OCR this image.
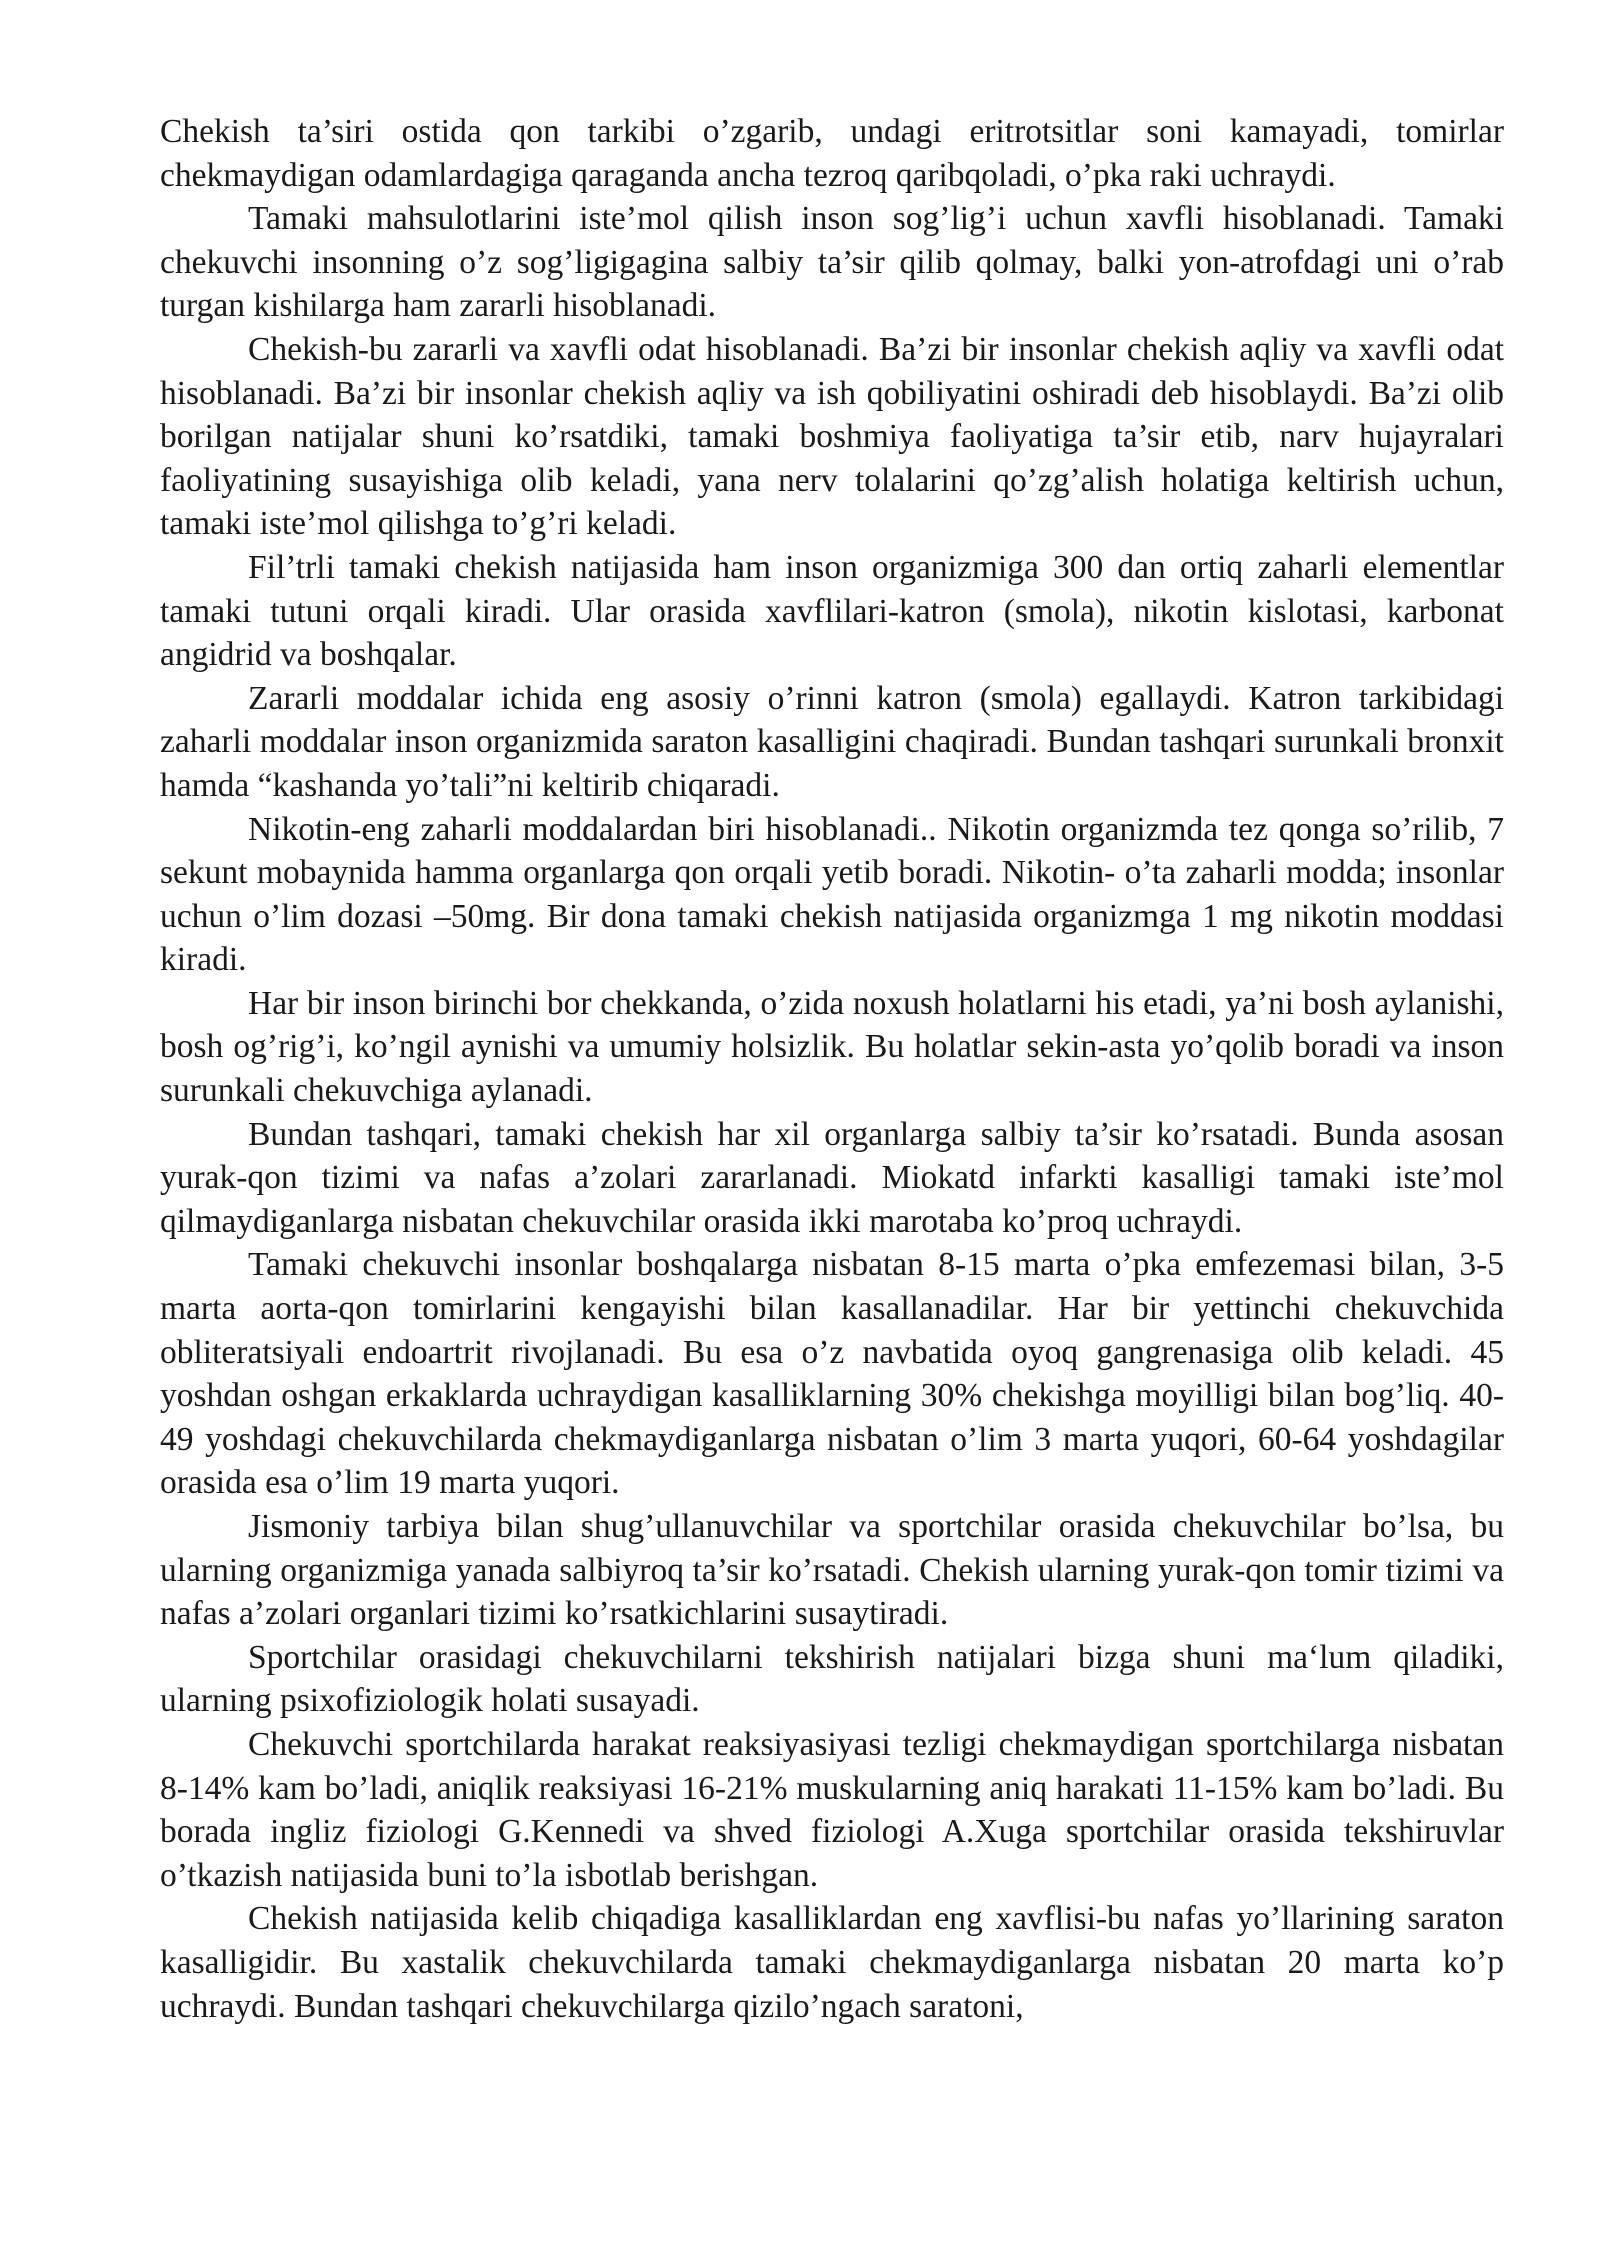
Chekish ta’siri ostida qon tarkibi o’zgarib, undagi eritrotsitlar soni kamayadi, tomirlar chekmaydigan odamlardagiga qaraganda ancha tezroq qaribqoladi, o’pka raki uchraydi.

Tamaki mahsulotlarini iste’mol qilish inson sog’lig’i uchun xavfli hisoblanadi. Tamaki chekuvchi insonning o’z sog’ligigagina salbiy ta’sir qilib qolmay, balki yon-atrofdagi uni o’rab turgan kishilarga ham zararli hisoblanadi.

Chekish-bu zararli va xavfli odat hisoblanadi. Ba’zi bir insonlar chekish aqliy va xavfli odat hisoblanadi. Ba’zi bir insonlar chekish aqliy va ish qobiliyatini oshiradi deb hisoblaydi. Ba’zi olib borilgan natijalar shuni ko’rsatdiki, tamaki boshmiya faoliyatiga ta’sir etib, narv hujayralari faoliyatining susayishiga olib keladi, yana nerv tolalarini qo’zg’alish holatiga keltirish uchun, tamaki iste’mol qilishga to’g’ri keladi.

Fil’trli tamaki chekish natijasida ham inson organizmiga 300 dan ortiq zaharli elementlar tamaki tutuni orqali kiradi. Ular orasida xavflilari-katron (smola), nikotin kislotasi, karbonat angidrid va boshqalar.

Zararli moddalar ichida eng asosiy o’rinni katron (smola) egallaydi. Katron tarkibidagi zaharli moddalar inson organizmida saraton kasalligini chaqiradi. Bundan tashqari surunkali bronxit hamda “kashanda yo’tali”ni keltirib chiqaradi.

Nikotin-eng zaharli moddalardan biri hisoblanadi.. Nikotin organizmda tez qonga so’rilib, 7 sekunt mobaynida hamma organlarga qon orqali yetib boradi. Nikotin- o’ta zaharli modda; insonlar uchun o’lim dozasi –50mg. Bir dona tamaki chekish natijasida organizmga 1 mg nikotin moddasi kiradi.

Har bir inson birinchi bor chekkanda, o’zida noxush holatlarni his etadi, ya’ni bosh aylanishi, bosh og’rig’i, ko’ngil aynishi va umumiy holsizlik. Bu holatlar sekin-asta yo’qolib boradi va inson surunkali chekuvchiga aylanadi.

Bundan tashqari, tamaki chekish har xil organlarga salbiy ta’sir ko’rsatadi. Bunda asosan yurak-qon tizimi va nafas a’zolari zararlanadi. Miokatd infarkti kasalligi tamaki iste’mol qilmaydiganlarga nisbatan chekuvchilar orasida ikki marotaba ko’proq uchraydi.

Tamaki chekuvchi insonlar boshqalarga nisbatan 8-15 marta o’pka emfezemasi bilan, 3-5 marta aorta-qon tomirlarini kengayishi bilan kasallanadilar. Har bir yettinchi chekuvchida obliteratsiyali endoartrit rivojlanadi. Bu esa o’z navbatida oyoq gangrenasiga olib keladi. 45 yoshdan oshgan erkaklarda uchraydigan kasalliklarning 30% chekishga moyilligi bilan bog’liq. 40-49 yoshdagi chekuvchilarda chekmaydiganlarga nisbatan o’lim 3 marta yuqori, 60-64 yoshdagilar orasida esa o’lim 19 marta yuqori.

Jismoniy tarbiya bilan shug’ullanuvchilar va sportchilar orasida chekuvchilar bo’lsa, bu ularning organizmiga yanada salbiyroq ta’sir ko’rsatadi. Chekish ularning yurak-qon tomir tizimi va nafas a’zolari organlari tizimi ko’rsatkichlarini susaytiradi.

Sportchilar orasidagi chekuvchilarni tekshirish natijalari bizga shuni ma‘lum qiladiki, ularning psixofiziologik holati susayadi.

Chekuvchi sportchilarda harakat reaksiyasiyasi tezligi chekmaydigan sportchilarga nisbatan 8-14% kam bo’ladi, aniqlik reaksiyasi 16-21% muskularning aniq harakati 11-15% kam bo’ladi. Bu borada ingliz fiziologi G.Kennedi va shved fiziologi A.Xuga sportchilar orasida tekshiruvlar o’tkazish natijasida buni to’la isbotlab berishgan.

Chekish natijasida kelib chiqadiga kasalliklardan eng xavflisi-bu nafas yo’llarining saraton kasalligidir. Bu xastalik chekuvchilarda tamaki chekmaydiganlarga nisbatan 20 marta ko’p uchraydi. Bundan tashqari chekuvchilarga qizilo’ngach saratoni,
